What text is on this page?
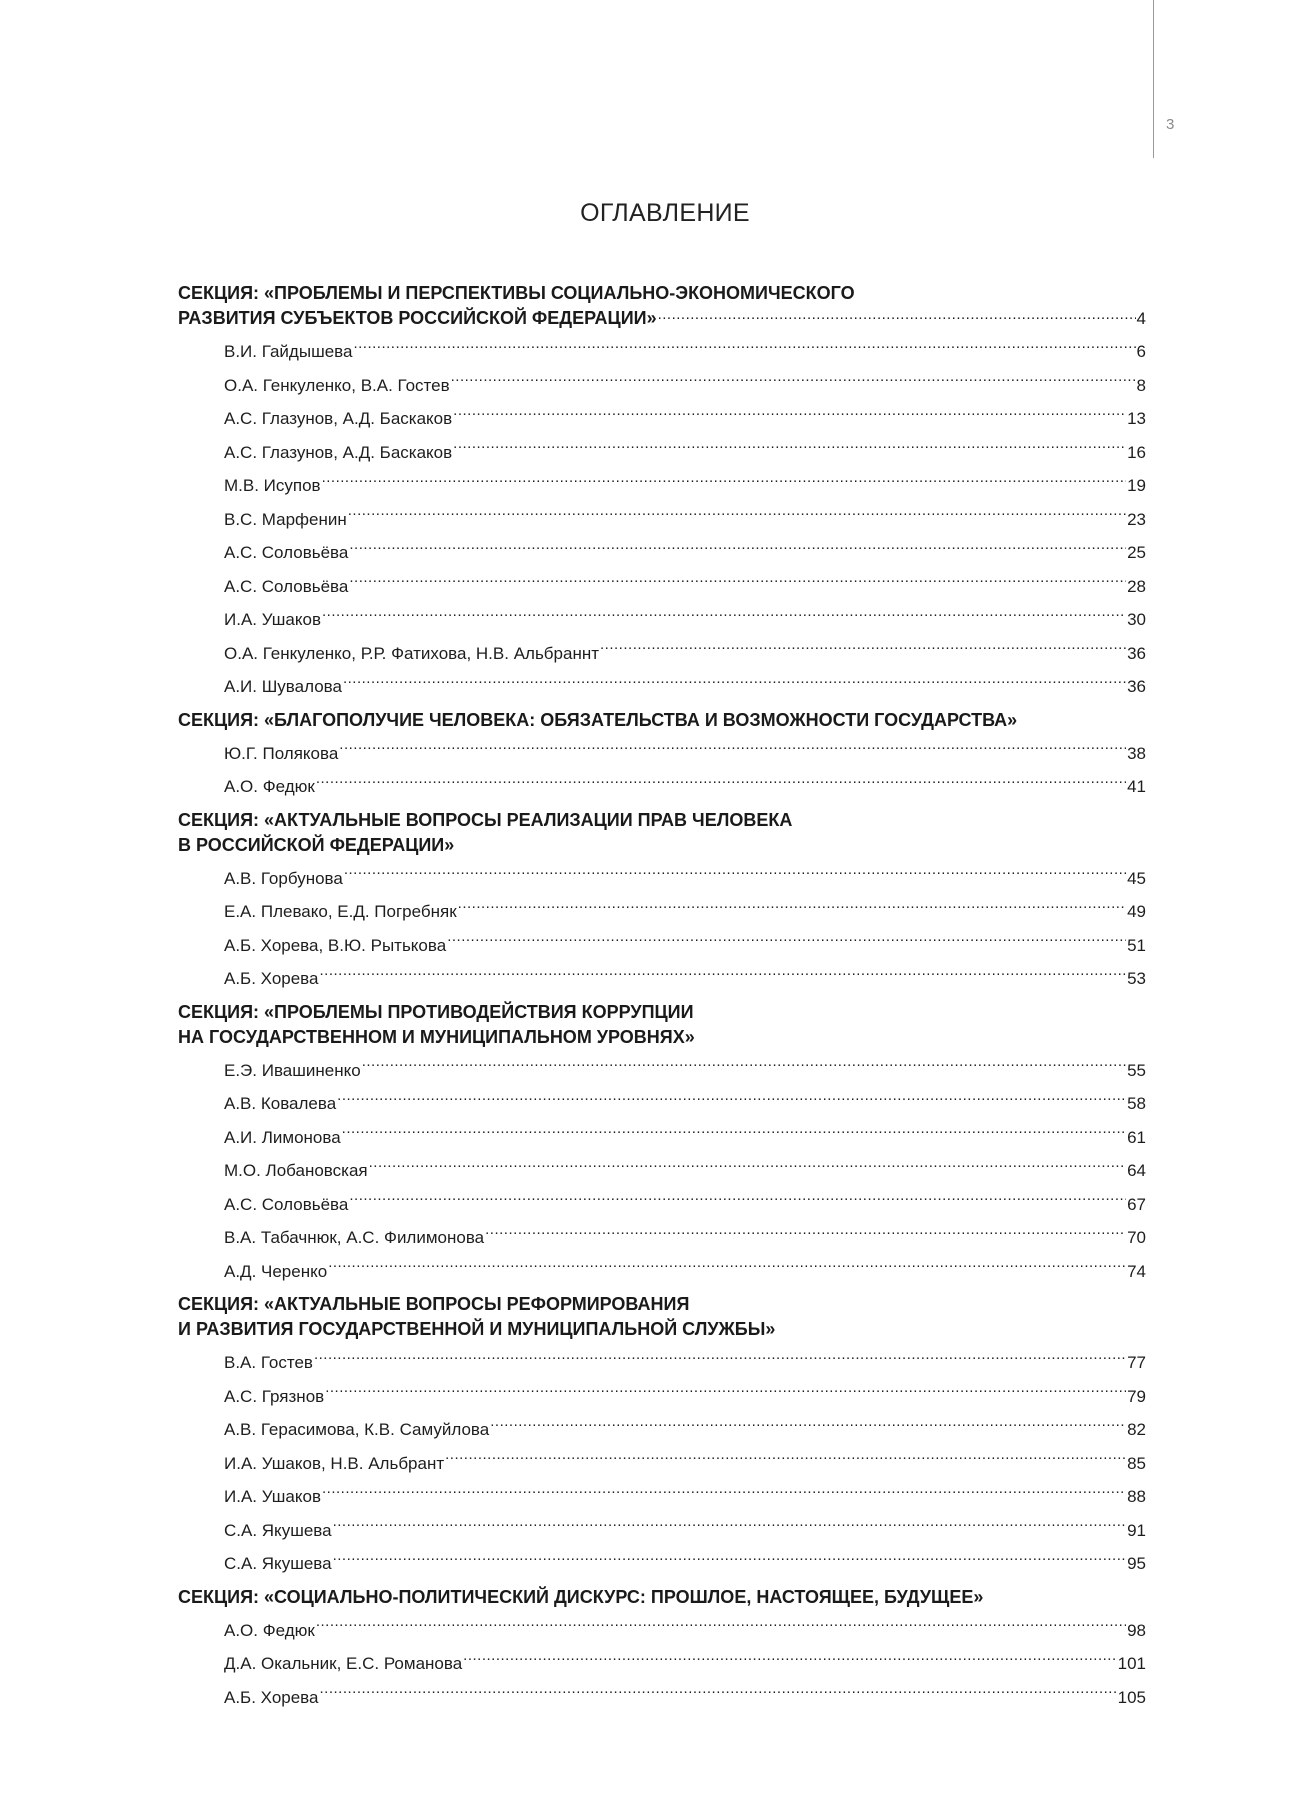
3
ОГЛАВЛЕНИЕ
СЕКЦИЯ: «ПРОБЛЕМЫ И ПЕРСПЕКТИВЫ СОЦИАЛЬНО-ЭКОНОМИЧЕСКОГО
РАЗВИТИЯ СУБЪЕКТОВ РОССИЙСКОЙ ФЕДЕРАЦИИ» .....	4
В.И. Гайдышева .....	6
О.А. Генкуленко, В.А. Гостев .....	8
А.С. Глазунов, А.Д. Баскаков .....	13
А.С. Глазунов, А.Д. Баскаков .....	16
М.В. Исупов .....	19
В.С. Марфенин .....	23
А.С. Соловьёва .....	25
А.С. Соловьёва .....	28
И.А. Ушаков .....	30
О.А. Генкуленко, Р.Р. Фатихова, Н.В. Альбраннт .....	36
А.И. Шувалова .....	36
СЕКЦИЯ: «БЛАГОПОЛУЧИЕ ЧЕЛОВЕКА: ОБЯЗАТЕЛЬСТВА И ВОЗМОЖНОСТИ ГОСУДАРСТВА»
Ю.Г. Полякова .....	38
А.О. Федюк .....	41
СЕКЦИЯ: «АКТУАЛЬНЫЕ ВОПРОСЫ РЕАЛИЗАЦИИ ПРАВ ЧЕЛОВЕКА
В РОССИЙСКОЙ ФЕДЕРАЦИИ»
А.В. Горбунова .....	45
Е.А. Плевако, Е.Д. Погребняк .....	49
А.Б. Хорева, В.Ю. Рытькова .....	51
А.Б. Хорева .....	53
СЕКЦИЯ: «ПРОБЛЕМЫ ПРОТИВОДЕЙСТВИЯ КОРРУПЦИИ
НА ГОСУДАРСТВЕННОМ И МУНИЦИПАЛЬНОМ УРОВНЯХ»
Е.Э. Ивашиненко .....	55
А.В. Ковалева .....	58
А.И. Лимонова .....	61
М.О. Лобановская .....	64
А.С. Соловьёва .....	67
В.А. Табачнюк, А.С. Филимонова .....	70
А.Д. Черенко .....	74
СЕКЦИЯ: «АКТУАЛЬНЫЕ ВОПРОСЫ РЕФОРМИРОВАНИЯ
И РАЗВИТИЯ ГОСУДАРСТВЕННОЙ И МУНИЦИПАЛЬНОЙ СЛУЖБЫ»
В.А. Гостев .....	77
А.С. Грязнов .....	79
А.В. Герасимова, К.В. Самуйлова .....	82
И.А. Ушаков, Н.В. Альбрант .....	85
И.А. Ушаков .....	88
С.А. Якушева .....	91
С.А. Якушева .....	95
СЕКЦИЯ: «СОЦИАЛЬНО-ПОЛИТИЧЕСКИЙ ДИСКУРС: ПРОШЛОЕ, НАСТОЯЩЕЕ, БУДУЩЕЕ»
А.О. Федюк .....	98
Д.А. Окальник, Е.С. Романова .....	101
А.Б. Хорева .....	105
